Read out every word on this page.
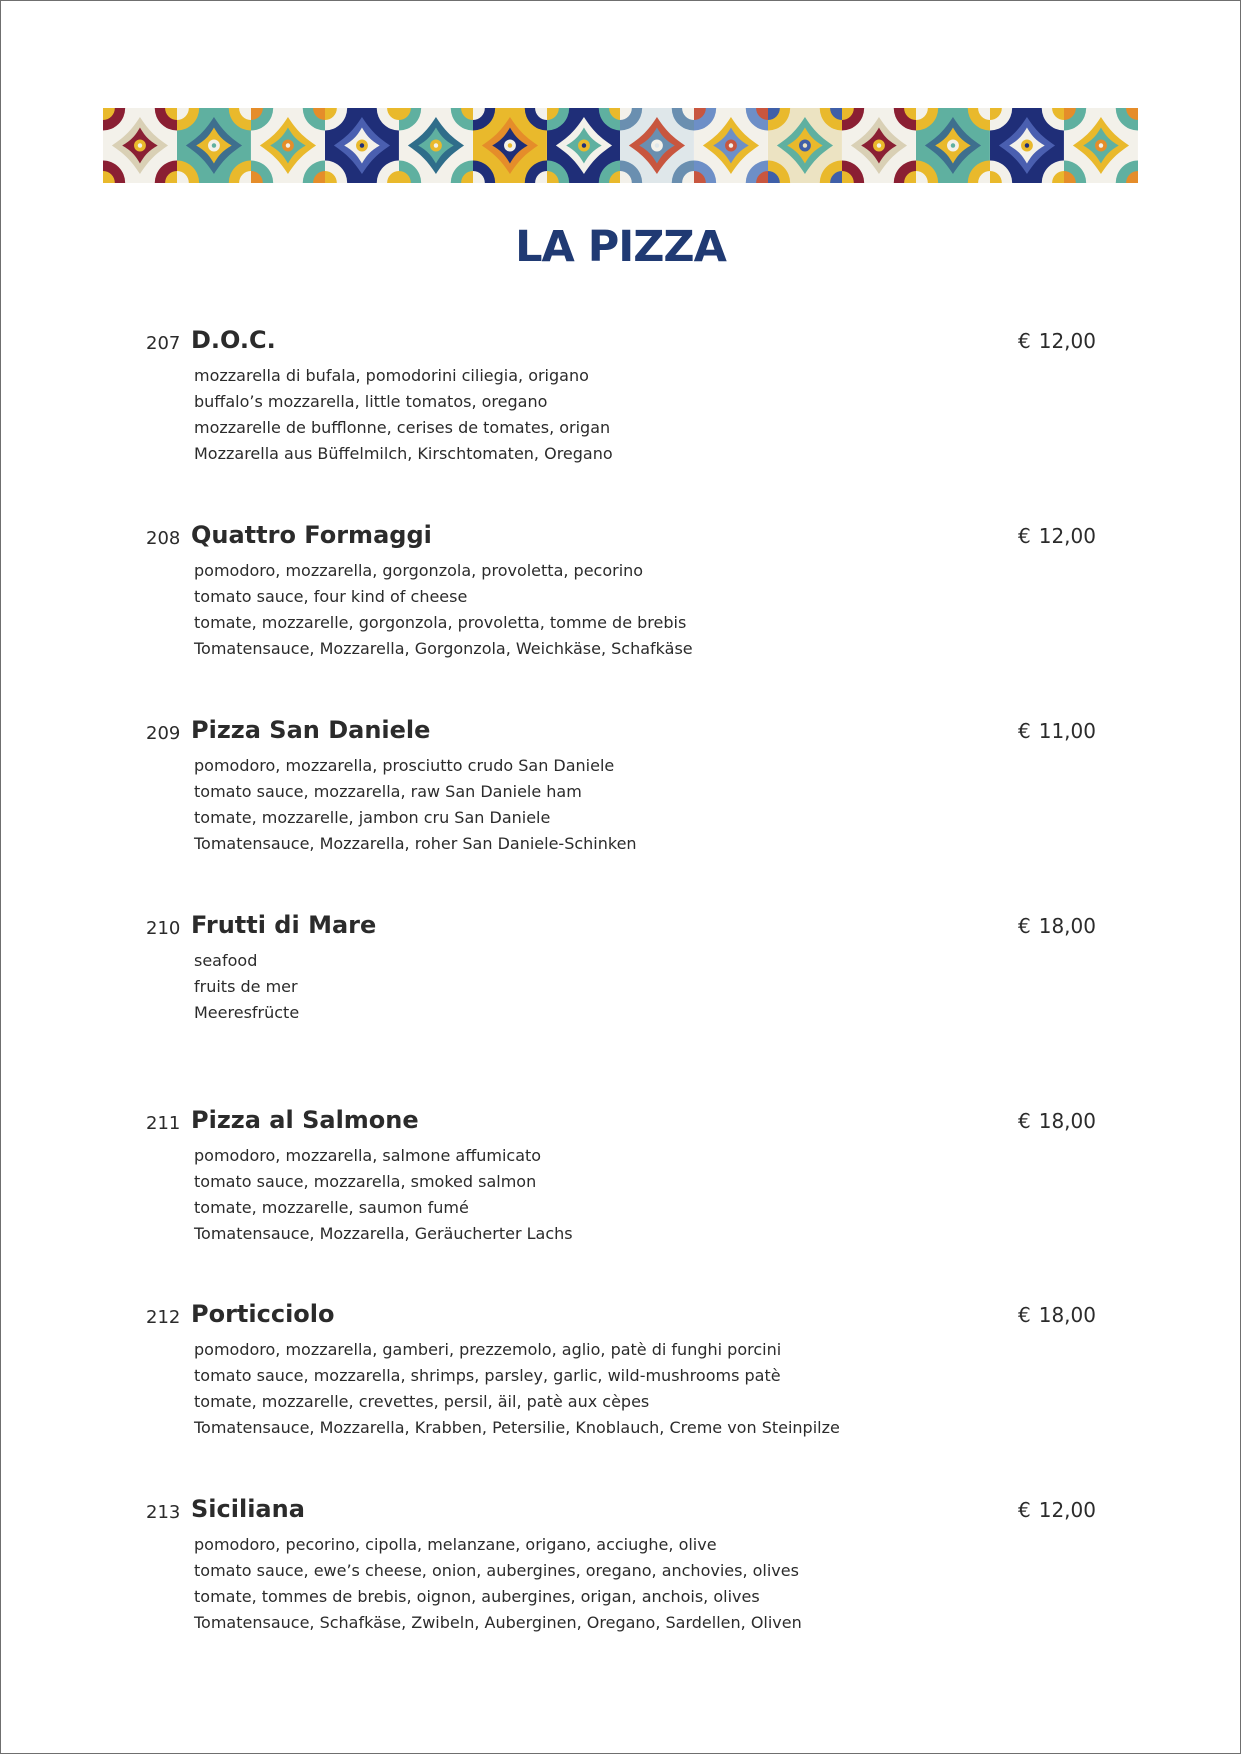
LA PIZZA
207 D.O.C.	€ 12,00
mozzarella di bufala, pomodorini ciliegia, origano
buffalo’s mozzarella, little tomatos, oregano
mozzarelle de bufflonne, cerises de tomates, origan
Mozzarella aus Büffelmilch, Kirschtomaten, Oregano
208 Quattro Formaggi	€ 12,00
pomodoro, mozzarella, gorgonzola, provoletta, pecorino
tomato sauce, four kind of cheese
tomate, mozzarelle, gorgonzola, provoletta, tomme de brebis
Tomatensauce, Mozzarella, Gorgonzola, Weichkäse, Schafkäse
209 Pizza San Daniele	€ 11,00
pomodoro, mozzarella, prosciutto crudo San Daniele
tomato sauce, mozzarella, raw San Daniele ham
tomate, mozzarelle, jambon cru San Daniele
Tomatensauce, Mozzarella, roher San Daniele-Schinken
210 Frutti di Mare	€ 18,00
seafood
fruits de mer
Meeresfrücte
211 Pizza al Salmone	€ 18,00
pomodoro, mozzarella, salmone affumicato
tomato sauce, mozzarella, smoked salmon
tomate, mozzarelle, saumon fumé
Tomatensauce, Mozzarella, Geräucherter Lachs
212 Porticciolo	€ 18,00
pomodoro, mozzarella, gamberi, prezzemolo, aglio, patè di funghi porcini
tomato sauce, mozzarella, shrimps, parsley, garlic, wild-mushrooms patè
tomate, mozzarelle, crevettes, persil, äil, patè aux cèpes
Tomatensauce, Mozzarella, Krabben, Petersilie, Knoblauch, Creme von Steinpilze
213 Siciliana	€ 12,00
pomodoro, pecorino, cipolla, melanzane, origano, acciughe, olive
tomato sauce, ewe’s cheese, onion, aubergines, oregano, anchovies, olives
tomate, tommes de brebis, oignon, aubergines, origan, anchois, olives
Tomatensauce, Schafkäse, Zwibeln, Auberginen, Oregano, Sardellen, Oliven
